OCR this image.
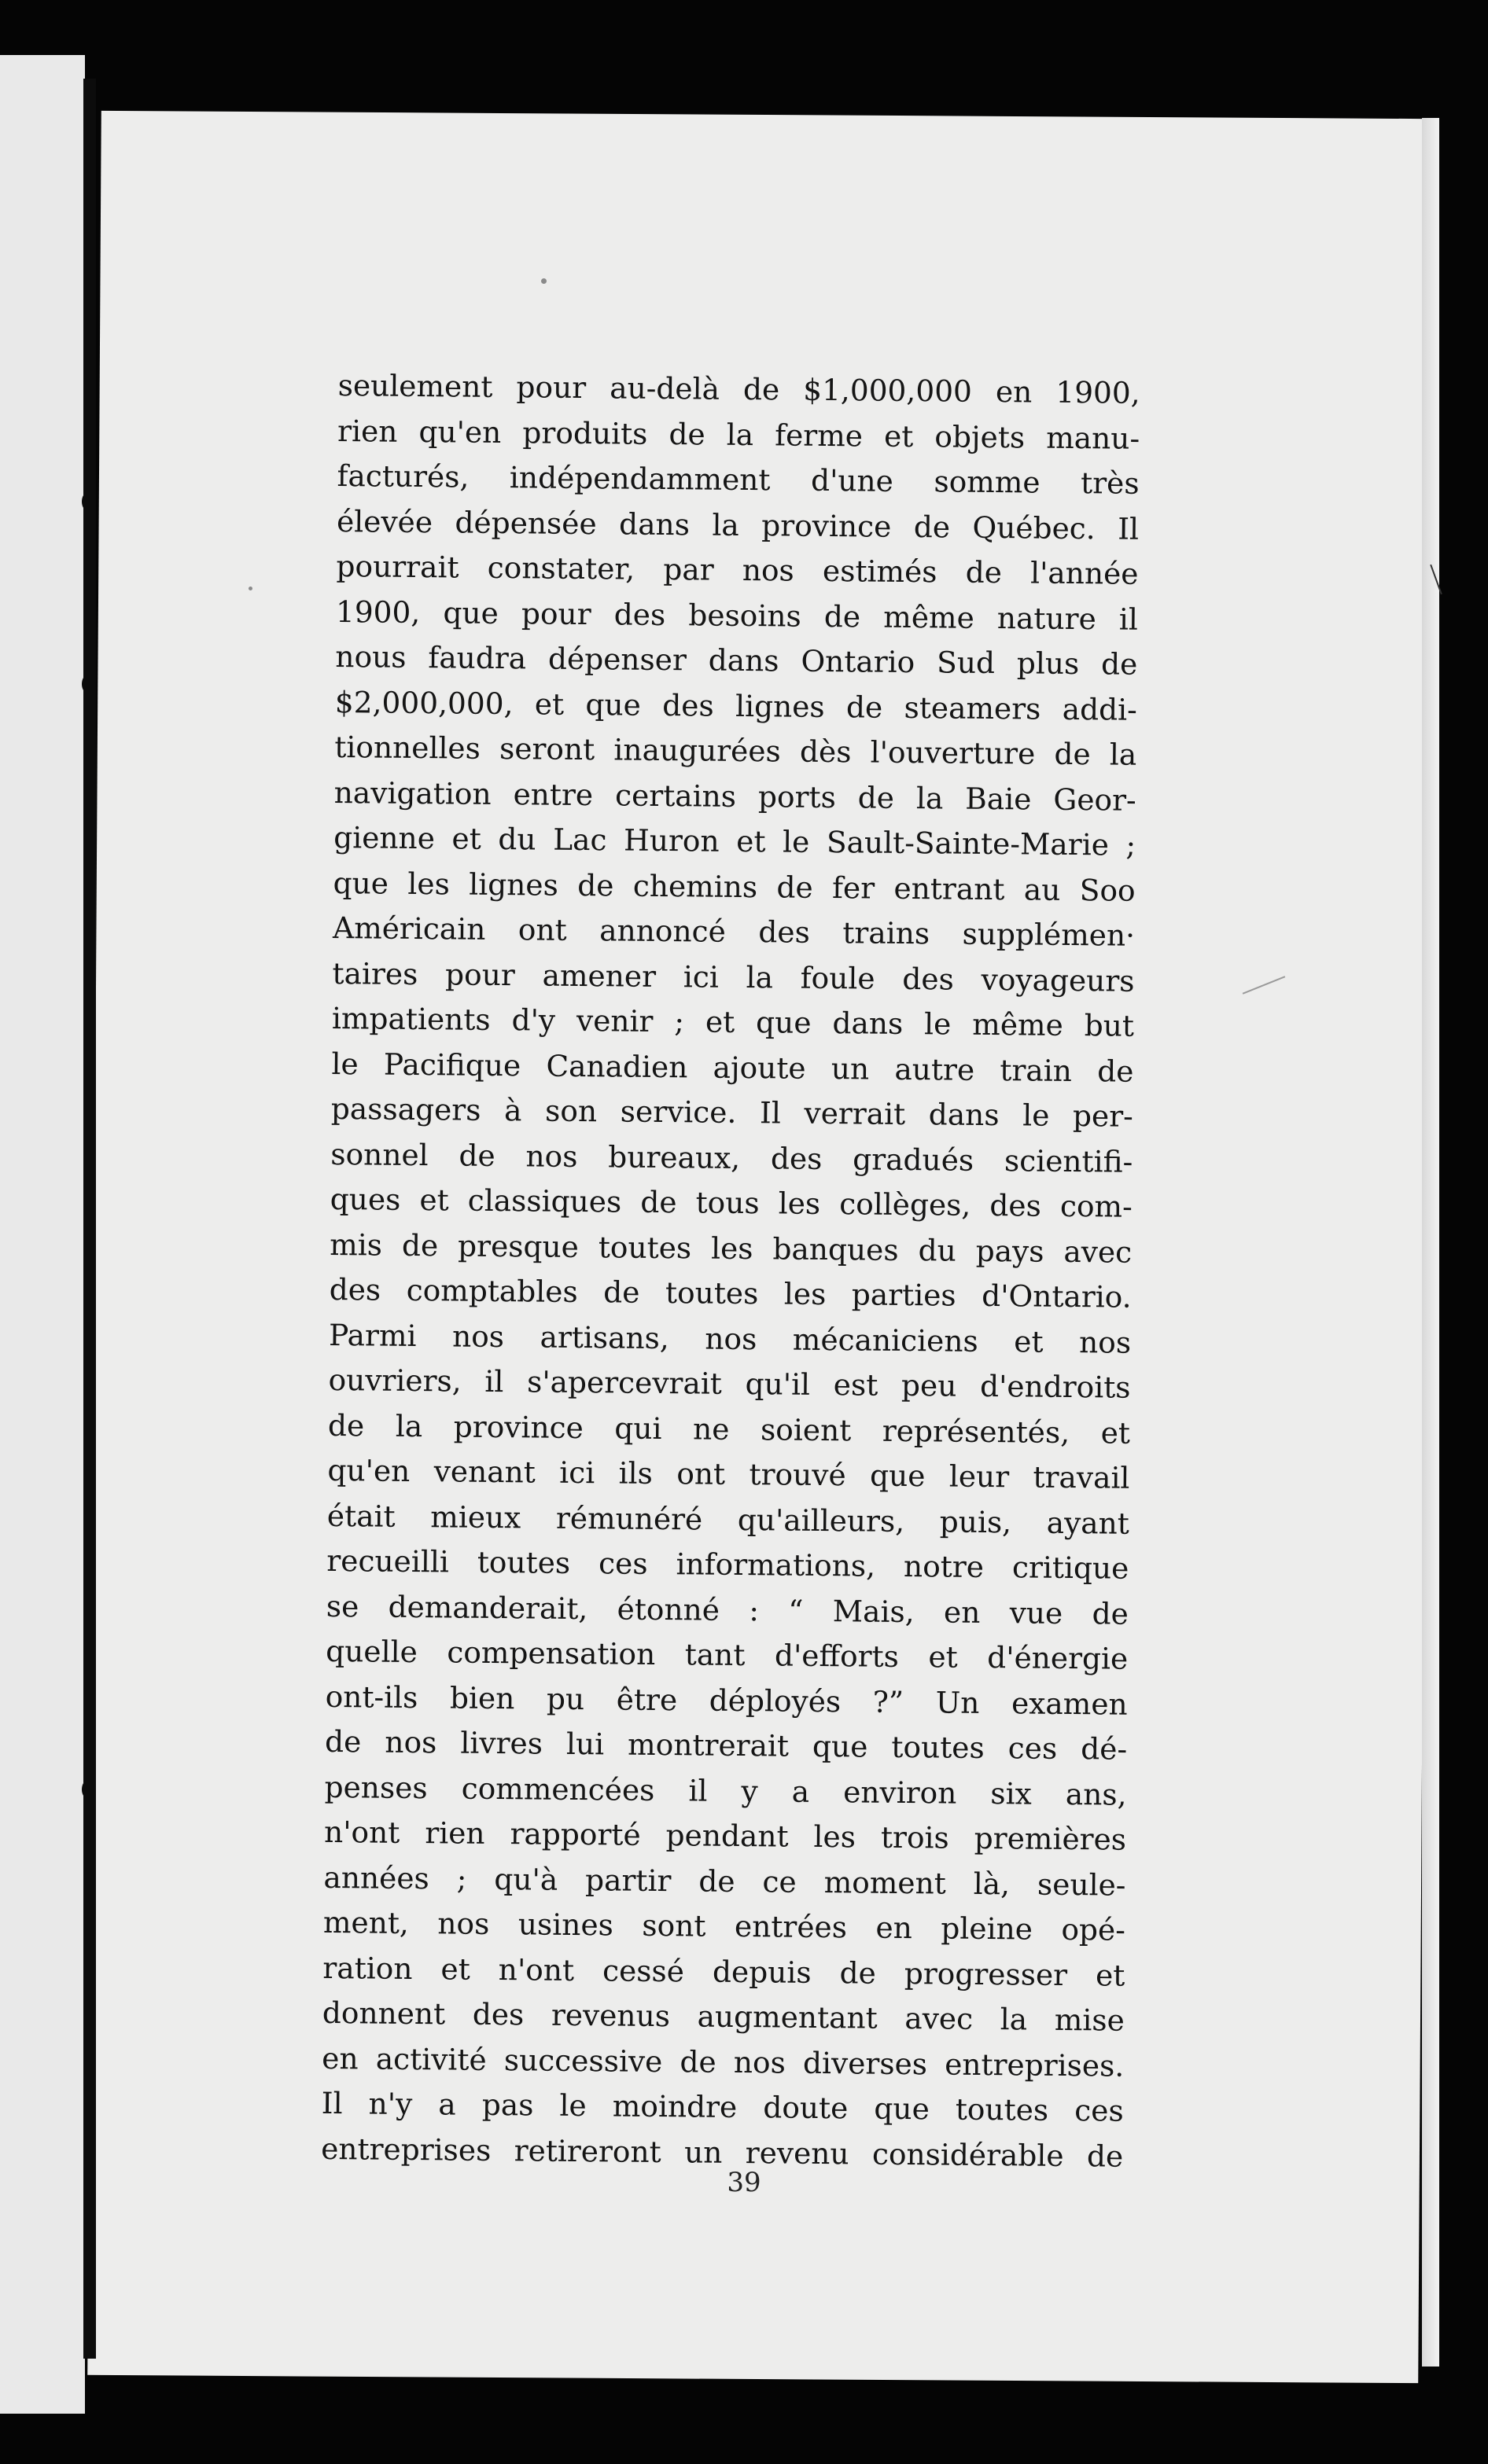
seulement pour au-delà de $1,000,000 en 1900,
rien qu'en produits de la ferme et objets manu-
facturés, indépendamment d'une somme très
élevée dépensée dans la province de Québec. Il
pourrait constater, par nos estimés de l'année
1900, que pour des besoins de même nature il
nous faudra dépenser dans Ontario Sud plus de
$2,000,000, et que des lignes de steamers addi-
tionnelles seront inaugurées dès l'ouverture de la
navigation entre certains ports de la Baie Geor-
gienne et du Lac Huron et le Sault-Sainte-Marie ;
que les lignes de chemins de fer entrant au Soo
Américain ont annoncé des trains supplémen·
taires pour amener ici la foule des voyageurs
impatients d'y venir ; et que dans le même but
le Pacifique Canadien ajoute un autre train de
passagers à son service. Il verrait dans le per-
sonnel de nos bureaux, des gradués scientifi-
ques et classiques de tous les collèges, des com-
mis de presque toutes les banques du pays avec
des comptables de toutes les parties d'Ontario.
Parmi nos artisans, nos mécaniciens et nos
ouvriers, il s'apercevrait qu'il est peu d'endroits
de la province qui ne soient représentés, et
qu'en venant ici ils ont trouvé que leur travail
était mieux rémunéré qu'ailleurs, puis, ayant
recueilli toutes ces informations, notre critique
se demanderait, étonné : “ Mais, en vue de
quelle compensation tant d'efforts et d'énergie
ont-ils bien pu être déployés ?” Un examen
de nos livres lui montrerait que toutes ces dé-
penses commencées il y a environ six ans,
n'ont rien rapporté pendant les trois premières
années ; qu'à partir de ce moment là, seule-
ment, nos usines sont entrées en pleine opé-
ration et n'ont cessé depuis de progresser et
donnent des revenus augmentant avec la mise
en activité successive de nos diverses entreprises.
Il n'y a pas le moindre doute que toutes ces
entreprises retireront un revenu considérable de
39
